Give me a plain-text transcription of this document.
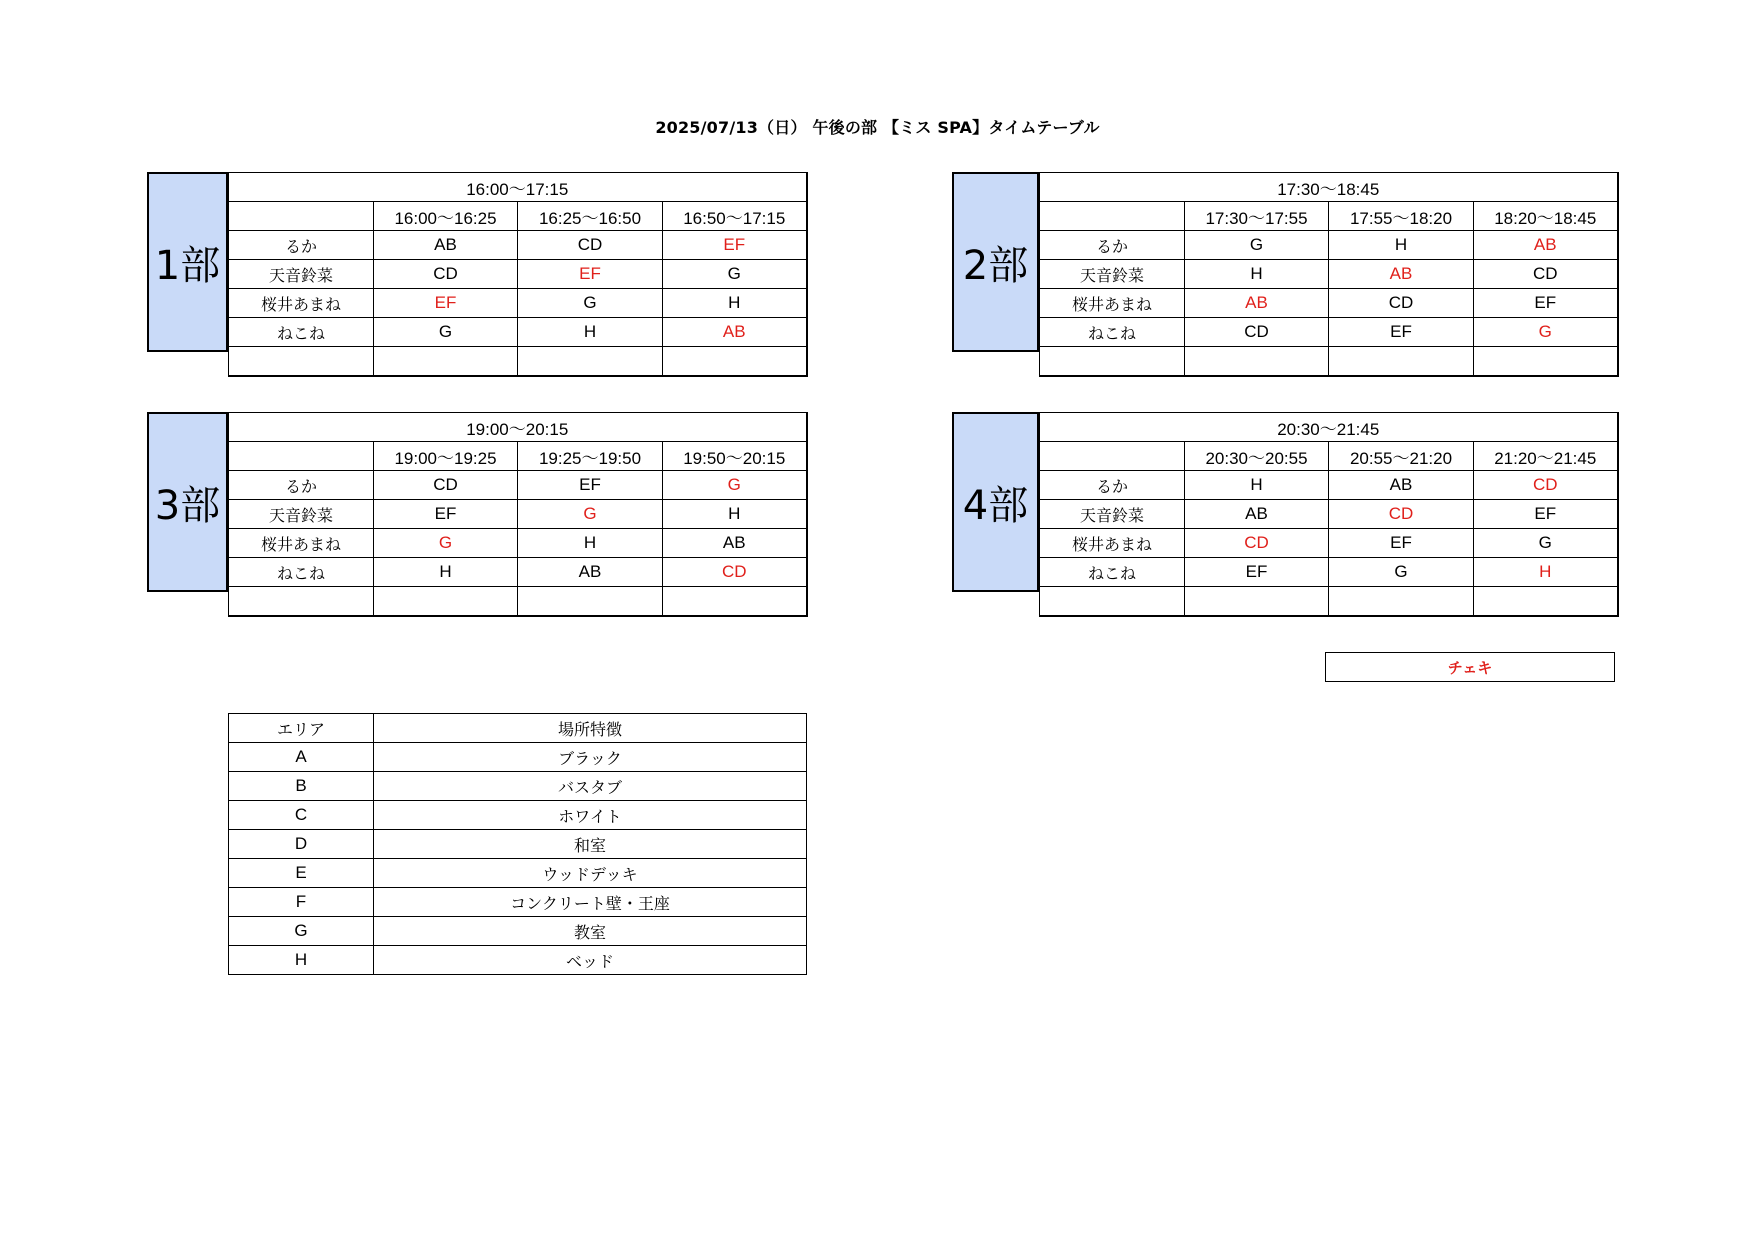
2025/07/13（日） 午後の部 【ミス SPA】タイムテーブル
1部
16:00〜17:15			
	16:00〜16:25	16:25〜16:50	16:50〜17:15
るか	AB	CD	EF
天音鈴菜	CD	EF	G
桜井あまね	EF	G	H
ねこね	G	H	AB

2部
17:30〜18:45			
	17:30〜17:55	17:55〜18:20	18:20〜18:45
るか	G	H	AB
天音鈴菜	H	AB	CD
桜井あまね	AB	CD	EF
ねこね	CD	EF	G

3部
19:00〜20:15			
	19:00〜19:25	19:25〜19:50	19:50〜20:15
るか	CD	EF	G
天音鈴菜	EF	G	H
桜井あまね	G	H	AB
ねこね	H	AB	CD

4部
20:30〜21:45			
	20:30〜20:55	20:55〜21:20	21:20〜21:45
るか	H	AB	CD
天音鈴菜	AB	CD	EF
桜井あまね	CD	EF	G
ねこね	EF	G	H

チェキ
エリア	場所特徴
A	ブラック
B	バスタブ
C	ホワイト
D	和室
E	ウッドデッキ
F	コンクリート壁・王座
G	教室
H	ベッド
